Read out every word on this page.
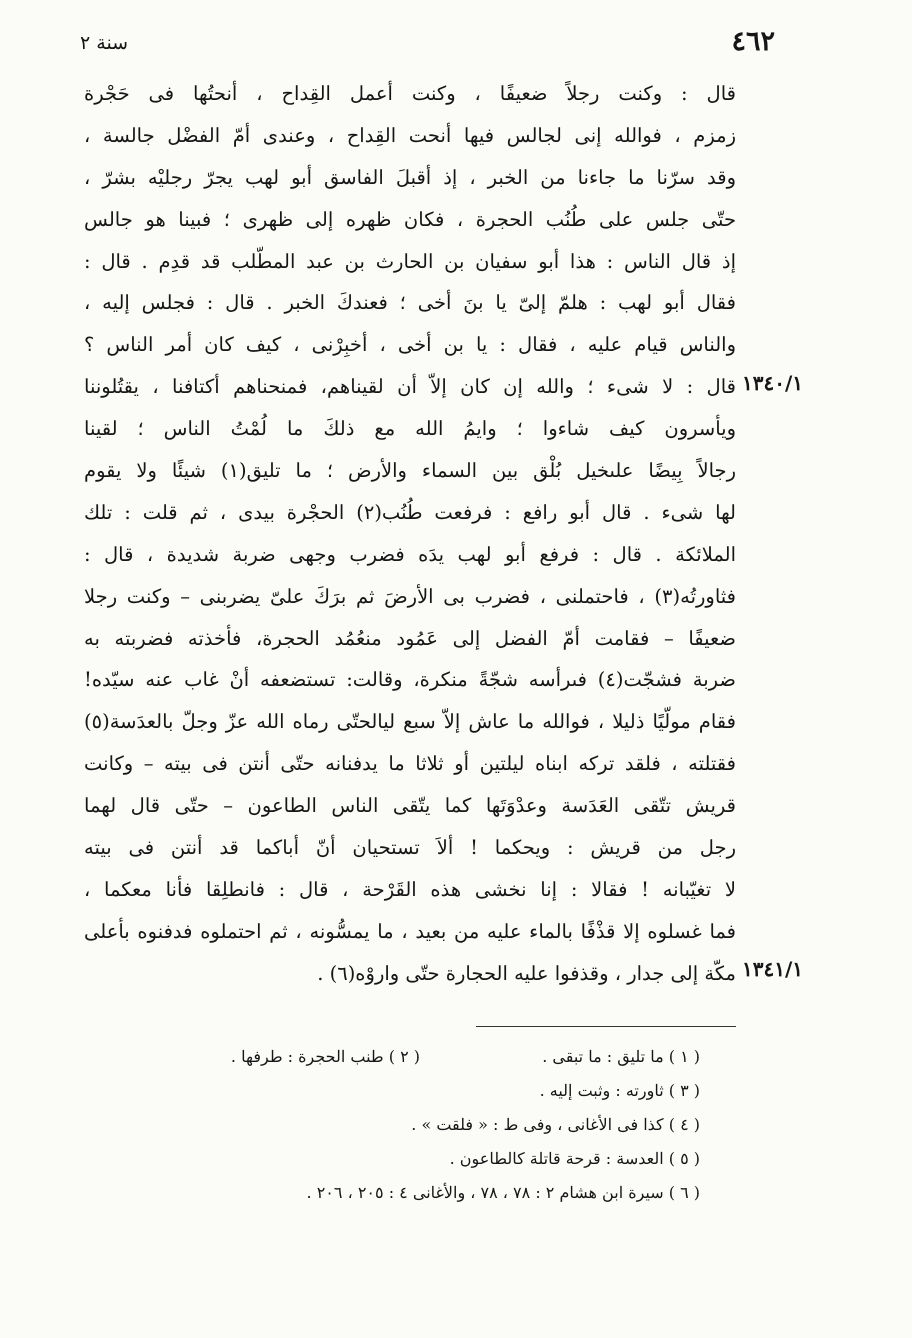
٤٦٢
سنة ٢
قال : وكنت رجلاً ضعيفًا ، وكنت أعمل القِداح ، أنحتُها فى حَجْرة
زمزم ، فوالله إنى لجالس فيها أنحت القِداح ، وعندى أمّ الفضْل جالسة ،
وقد سرّنا ما جاءنا من الخبر ، إذ أقبلَ الفاسق أبو لهب يجرّ رجليْه بشرّ ،
حتّى جلس على طُنُب الحجرة ، فكان ظهره إلى ظهرى ؛ فبينا هو جالس
إذ قال الناس : هذا أبو سفيان بن الحارث بن عبد المطّلب قد قدِم . قال :
فقال أبو لهب : هلمّ إلىّ يا بنَ أخى ؛ فعندكَ الخبر . قال : فجلس إليه ،
والناس قيام عليه ، فقال : يا بن أخى ، أخبِرْنى ، كيف كان أمر الناس ؟
قال : لا شىء ؛ والله إن كان إلاّ أن لقيناهم، فمنحناهم أكتافنا ، يقتُلوننا
ويأسرون كيف شاءوا ؛ وايمُ الله مع ذلكَ ما لُمْتُ الناس ؛ لقينا
رجالاً بِيضًا علىخيل بُلْق بين السماء والأرض ؛ ما تليق(١) شيئًا ولا يقوم
لها شىء . قال أبو رافع : فرفعت طُنُب(٢) الحجْرة بيدى ، ثم قلت : تلك
الملائكة . قال : فرفع أبو لهب يدَه فضرب وجهى ضربة شديدة ، قال :
فثاورتُه(٣) ، فاحتملنى ، فضرب بى الأرضَ ثم برَكَ علىّ يضربنى – وكنت رجلا
ضعيفًا – فقامت أمّ الفضل إلى عَمُود منعُمُد الحجرة، فأخذته فضربته به
ضربة فشجّت(٤) فىرأسه شجّةً منكرة، وقالت: تستضعفه أنْ غاب عنه سيّده!
فقام مولّيًا ذليلا ، فوالله ما عاش إلاّ سبع ليالحتّى رماه الله عزّ وجلّ بالعدَسة(٥)
فقتلته ، فلقد تركه ابناه ليلتين أو ثلاثا ما يدفنانه حتّى أنتن فى بيته – وكانت
قريش تتّقى العَدَسة وعدْوَتَها كما يتّقى الناس الطاعون – حتّى قال لهما
رجل من قريش : ويحكما ! ألاَ تستحيان أنّ أباكما قد أنتن فى بيته
لا تغيّبانه ! فقالا : إنا نخشى هذه القَرْحة ، قال : فانطلِقا فأنا معكما ،
فما غسلوه إلا قذْفًا بالماء عليه من بعيد ، ما يمسُّونه ، ثم احتملوه فدفنوه بأعلى
مكّة إلى جدار ، وقذفوا عليه الحجارة حتّى واروْه(٦) .
١٣٤٠/١
١٣٤١/١
( ١ ) ما تليق : ما تبقى .
( ٢ ) طنب الحجرة : طرفها .
( ٣ ) ثاورته : وثبت إليه .
( ٤ ) كذا فى الأغانى ، وفى ط : « فلقت » .
( ٥ ) العدسة : قرحة قاتلة كالطاعون .
( ٦ ) سيرة ابن هشام ٢ : ٧٨ ، ٧٨ ، والأغانى ٤ : ٢٠٥ ، ٢٠٦ .
